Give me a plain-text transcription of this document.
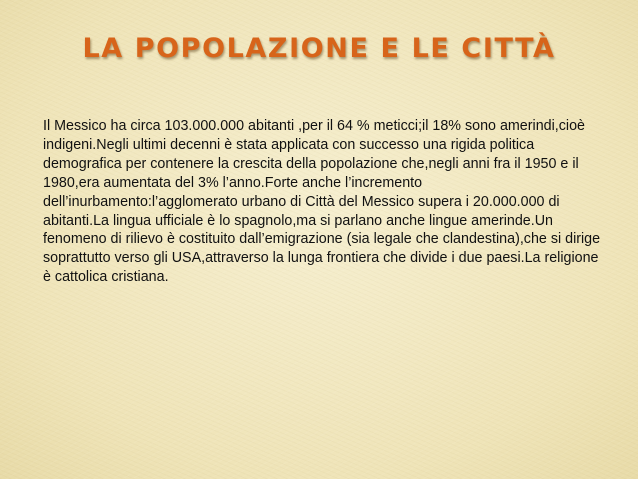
LA POPOLAZIONE E LE CITTÀ

Il Messico ha circa 103.000.000 abitanti ,per il 64 % meticci;il 18% sono amerindi,cioè indigeni.Negli ultimi decenni è stata applicata con successo una rigida politica demografica per contenere la crescita della popolazione che,negli anni fra il 1950 e il 1980,era aumentata del 3% l’anno.Forte anche l’incremento dell’inurbamento:l’agglomerato urbano di Città del Messico supera i 20.000.000 di abitanti.La lingua ufficiale è lo spagnolo,ma si parlano anche lingue amerinde.Un fenomeno di rilievo è costituito dall’emigrazione (sia legale che clandestina),che si dirige soprattutto verso gli USA,attraverso la lunga frontiera che divide i due paesi.La religione è cattolica cristiana.
